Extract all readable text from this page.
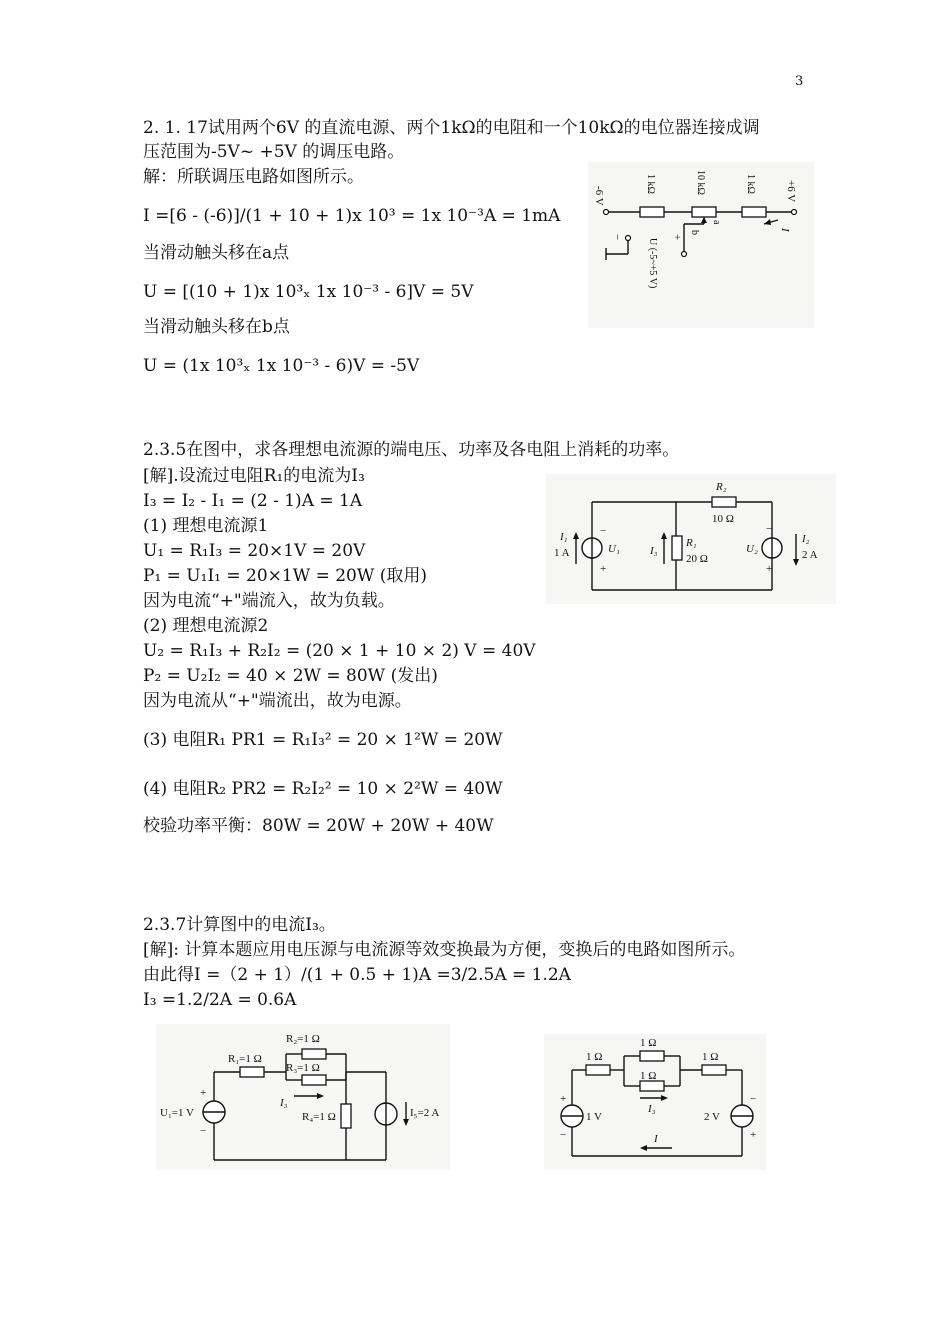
3
2. 1. 17试用两个6V 的直流电源、两个1kΩ的电阻和一个10kΩ的电位器连接成调
压范围为-5V~ +5V 的调压电路。
解：所联调压电路如图所示。
I =[6 - (-6)]/(1 + 10 + 1)x 10³ = 1x 10⁻³A = 1mA
当滑动触头移在a点
U = [(10 + 1)x 10³ₓ 1x 10⁻³ - 6]V = 5V
当滑动触头移在b点
U = (1x 10³ₓ 1x 10⁻³ - 6)V = -5V
-6 V	+6 V
1 kΩ	10 kΩ	1 kΩ
b
a
I
−	+
U (-5~+5 V)
2.3.5在图中，求各理想电流源的端电压、功率及各电阻上消耗的功率。
[解].设流过电阻R₁的电流为I₃
I₃ = I₂ - I₁ = (2 - 1)A = 1A
(1) 理想电流源1
U₁ = R₁I₃ = 20×1V = 20V
P₁ = U₁I₁ = 20×1W = 20W (取用)
因为电流“+"端流入，故为负载。
(2) 理想电流源2
U₂ = R₁I₃ + R₂I₂ = (20 × 1 + 10 × 2) V = 40V
P₂ = U₂I₂ = 40 × 2W = 80W (发出)
因为电流从“+"端流出，故为电源。
(3) 电阻R₁ PR1 = R₁I₃² = 20 × 1²W = 20W
(4) 电阻R₂ PR2 = R₂I₂² = 10 × 2²W = 40W
校验功率平衡：80W = 20W + 20W + 40W
R₂
10 Ω
I₁
1 A	U₁	I₃
R₁
20 Ω
U₂
I₂
2 A
−
+
−
+
2.3.7计算图中的电流I₃。
[解]: 计算本题应用电压源与电流源等效变换最为方便，变换后的电路如图所示。
由此得I =（2 + 1）/(1 + 0.5 + 1)A =3/2.5A = 1.2A
I₃ =1.2/2A = 0.6A
R₁=1 Ω
R₂=1 Ω
R₃=1 Ω
I₃
R₄=1 Ω
U₁=1 V	I₅=2 A
+
−
1 Ω
1 Ω
1 Ω
1 Ω
I₃
1 V	2 V
I
+
−
−
+
